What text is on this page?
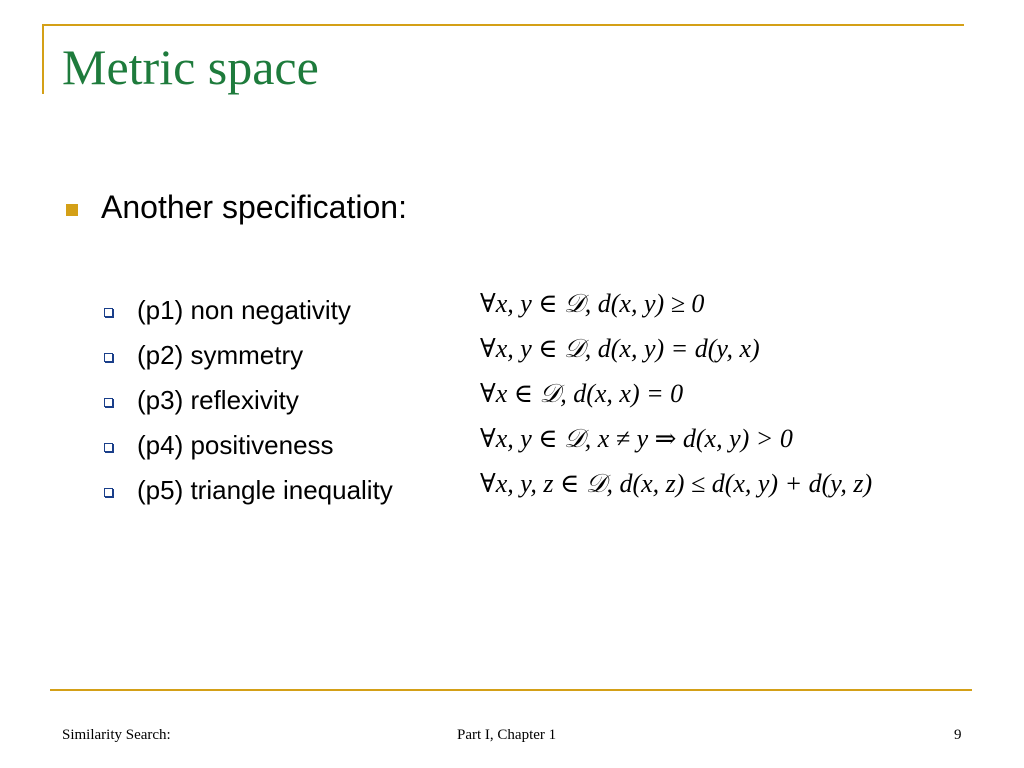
Metric space
Another specification:
(p1) non negativity	∀x, y ∈ 𝒟, d(x, y) ≥ 0
(p2) symmetry	∀x, y ∈ 𝒟, d(x, y) = d(y, x)
(p3) reflexivity	∀x ∈ 𝒟, d(x, x) = 0
(p4) positiveness	∀x, y ∈ 𝒟, x ≠ y ⇒ d(x, y) > 0
(p5) triangle inequality	∀x, y, z ∈ 𝒟, d(x, z) ≤ d(x, y) + d(y, z)
Similarity Search:	Part I, Chapter 1	9
